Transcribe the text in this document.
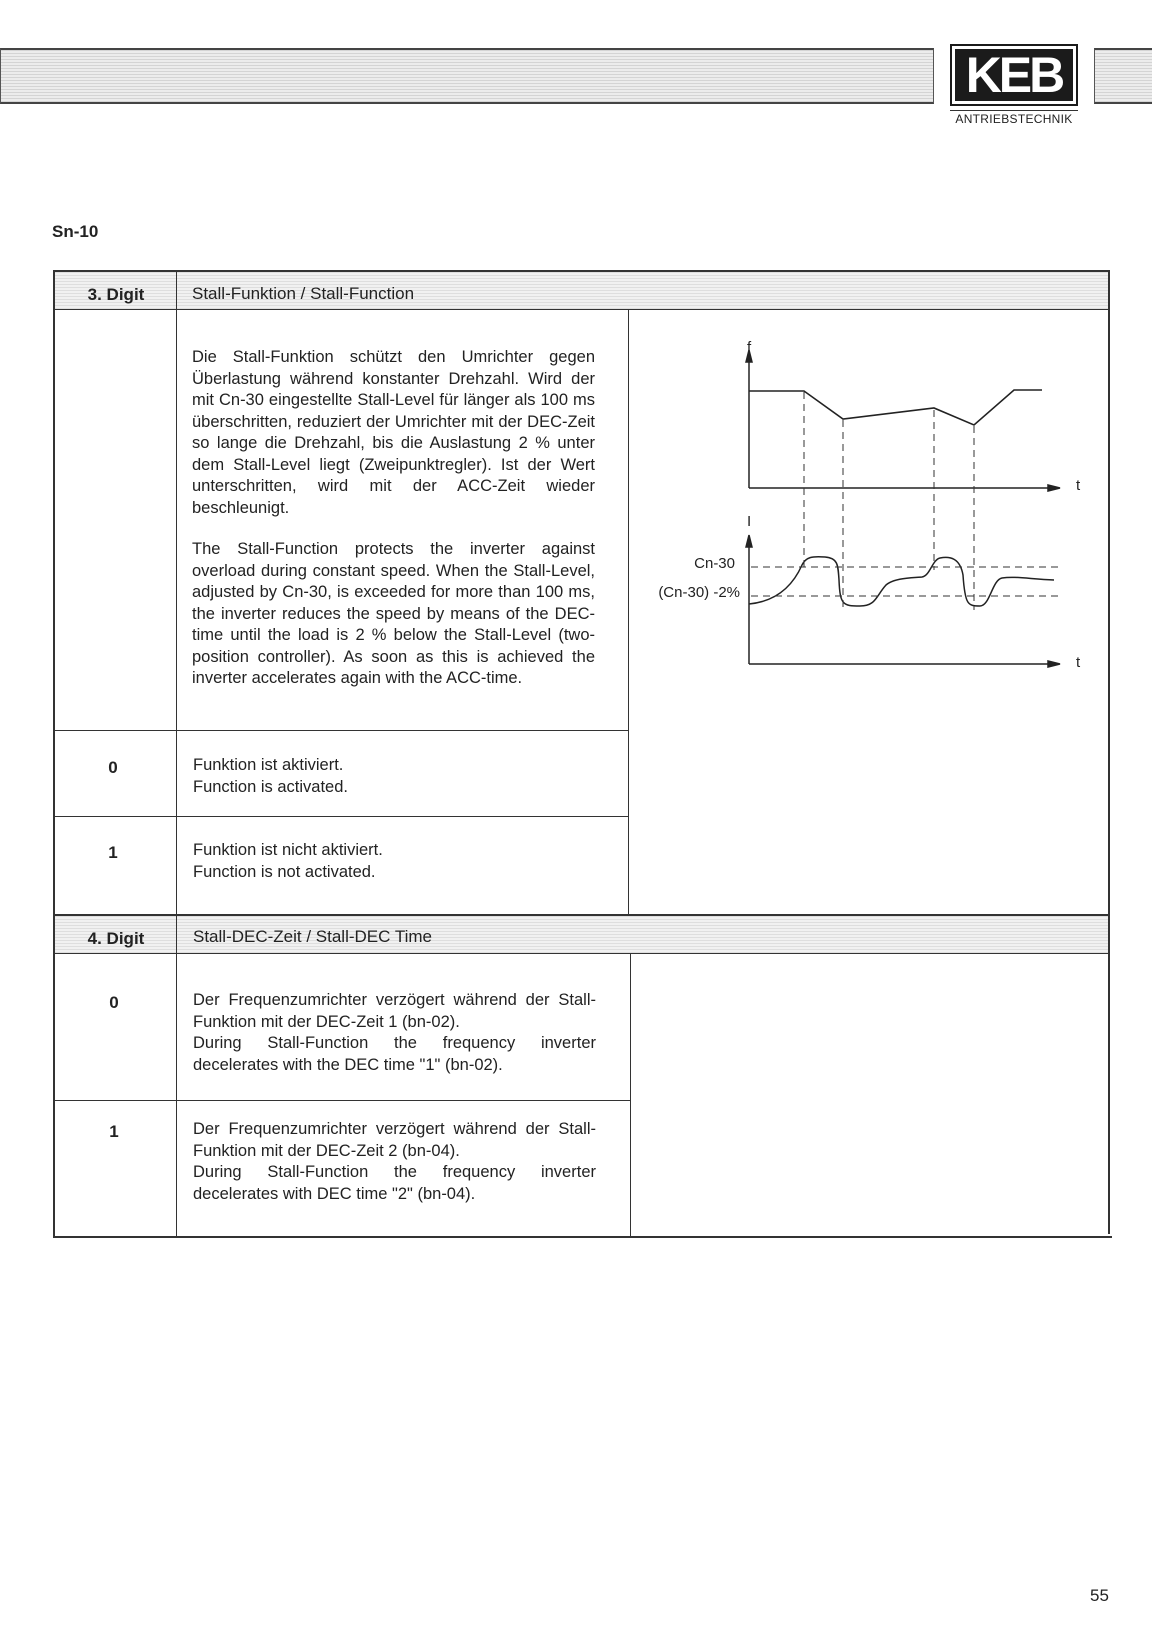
KEB
ANTRIEBSTECHNIK
Sn-10
3. Digit	Stall-Funktion / Stall-Function

Die Stall-Funktion schützt den Umrichter gegen Überlastung während konstanter Drehzahl. Wird der mit Cn-30 eingestellte Stall-Level für länger als 100 ms überschritten, reduziert der Umrichter mit der DEC-Zeit so lange die Drehzahl, bis die Auslastung 2 % unter dem Stall-Level liegt (Zweipunktregler). Ist der Wert unterschritten, wird mit der ACC-Zeit wieder beschleunigt.

The Stall-Function protects the inverter against overload during constant speed. When the Stall-Level, adjusted by Cn-30, is exceeded for more than 100 ms, the inverter reduces the speed by means of the DEC-time until the load is 2 % below the Stall-Level (two-position controller). As soon as this is achieved the inverter accelerates again with the ACC-time.

0	Funktion ist aktiviert.
Function is activated.
1	Funktion ist nicht aktiviert.
Function is not activated.
f
t
I
t
Cn-30
(Cn-30) -2%
4. Digit	Stall-DEC-Zeit / Stall-DEC Time
0	Der Frequenzumrichter verzögert während der Stall-Funktion mit der DEC-Zeit 1 (bn-02).

During Stall-Function the frequency inverter decelerates with the DEC time "1" (bn-02).

1	Der Frequenzumrichter verzögert während der Stall-Funktion mit der DEC-Zeit 2 (bn-04).

During Stall-Function the frequency inverter decelerates with DEC time "2" (bn-04).

55
